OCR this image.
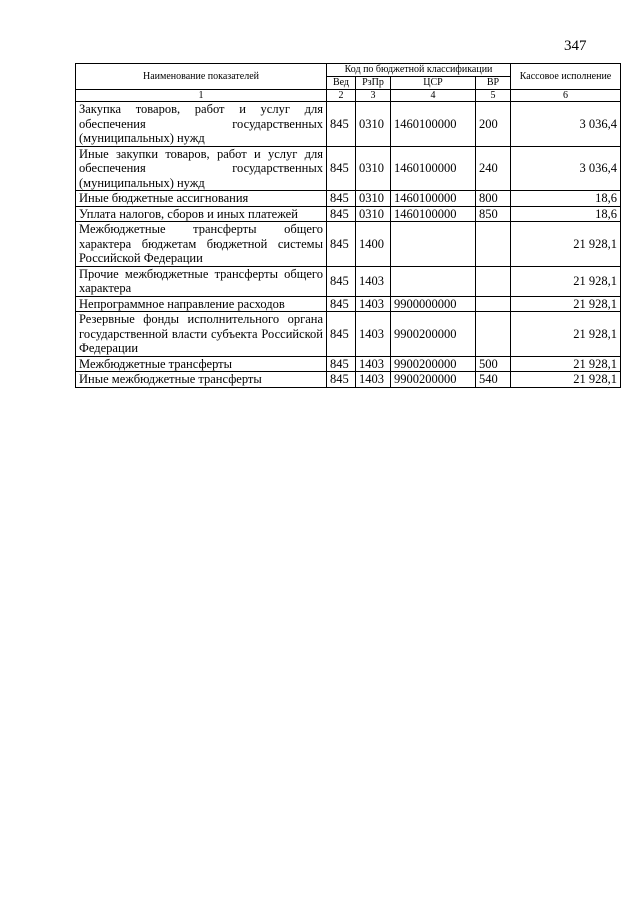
347
Наименование показателей	Код по бюджетной классификации				Кассовое исполнение
	Вед	РзПр	ЦСР	ВР	
1	2	3	4	5	6
Закупка товаров, работ и услуг для обеспечения государственных (муниципальных) нужд	845	0310	1460100000	200	3 036,4
Иные закупки товаров, работ и услуг для обеспечения государственных (муниципальных) нужд	845	0310	1460100000	240	3 036,4
Иные бюджетные ассигнования	845	0310	1460100000	800	18,6
Уплата налогов, сборов и иных платежей	845	0310	1460100000	850	18,6
Межбюджетные трансферты общего характера бюджетам бюджетной системы Российской Федерации	845	1400			21 928,1
Прочие межбюджетные трансферты общего характера	845	1403			21 928,1
Непрограммное направление расходов	845	1403	9900000000		21 928,1
Резервные фонды исполнительного органа государственной власти субъекта Российской Федерации	845	1403	9900200000		21 928,1
Межбюджетные трансферты	845	1403	9900200000	500	21 928,1
Иные межбюджетные трансферты	845	1403	9900200000	540	21 928,1
